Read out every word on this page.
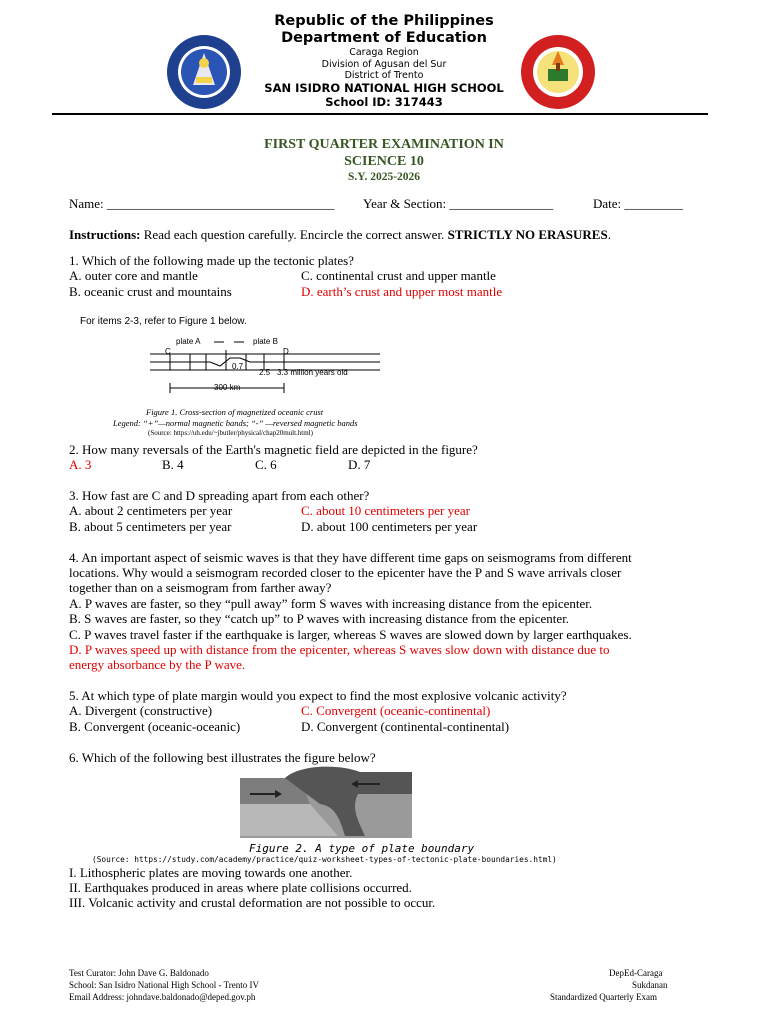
Republic of the Philippines
Department of Education
Caraga Region
Division of Agusan del Sur
District of Trento
SAN ISIDRO NATIONAL HIGH SCHOOL
School ID: 317443
FIRST QUARTER EXAMINATION IN
SCIENCE 10
S.Y. 2025-2026
Name: ___________________________________ Year & Section: ________________	Date: _________
Instructions: Read each question carefully. Encircle the correct answer. STRICTLY NO ERASURES.
1. Which of the following made up the tectonic plates?
A. outer core and mantle	C. continental crust and upper mantle
B. oceanic crust and mountains	D. earth’s crust and upper most mantle
For items 2-3, refer to Figure 1 below.
plate A	plate B
C	D
0.7
2.5 3.3 million years old
300 km
Figure 1. Cross-section of magnetized oceanic crust
Legend: “+”—normal magnetic bands; “-” —reversed magnetic bands
(Source: https://uh.edu/~jbutler/physical/chap20mult.html)
2. How many reversals of the Earth's magnetic field are depicted in the figure?
A. 3	B. 4	C. 6	D. 7
3. How fast are C and D spreading apart from each other?
A. about 2 centimeters per year	C. about 10 centimeters per year
B. about 5 centimeters per year	D. about 100 centimeters per year
4. An important aspect of seismic waves is that they have different time gaps on seismograms from different
locations. Why would a seismogram recorded closer to the epicenter have the P and S wave arrivals closer
together than on a seismogram from farther away?
A. P waves are faster, so they “pull away” form S waves with increasing distance from the epicenter.
B. S waves are faster, so they “catch up” to P waves with increasing distance from the epicenter.
C. P waves travel faster if the earthquake is larger, whereas S waves are slowed down by larger earthquakes.
D. P waves speed up with distance from the epicenter, whereas S waves slow down with distance due to
energy absorbance by the P wave.
5. At which type of plate margin would you expect to find the most explosive volcanic activity?
A. Divergent (constructive)	C. Convergent (oceanic-continental)
B. Convergent (oceanic-oceanic)	D. Convergent (continental-continental)
6. Which of the following best illustrates the figure below?
Figure 2. A type of plate boundary
(Source: https://study.com/academy/practice/quiz-worksheet-types-of-tectonic-plate-boundaries.html)
I. Lithospheric plates are moving towards one another.
II. Earthquakes produced in areas where plate collisions occurred.
III. Volcanic activity and crustal deformation are not possible to occur.
Test Curator: John Dave G. Baldonado
School: San Isidro National High School - Trento IV
Email Address: johndave.baldonado@deped.gov.ph
DepEd-Caraga
Sukdanan
Standardized Quarterly Exam
